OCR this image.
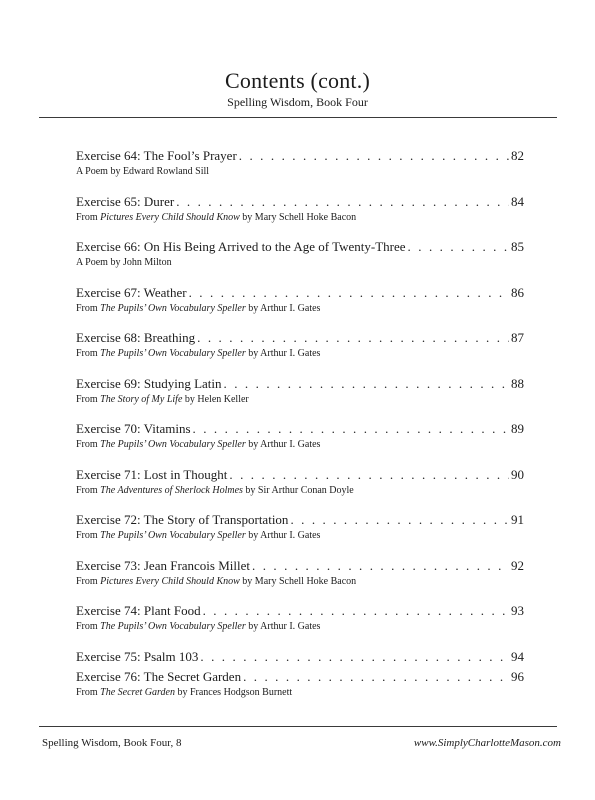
Contents (cont.)
Spelling Wisdom, Book Four
Exercise 64: The Fool’s Prayer . . .	82
A Poem by Edward Rowland Sill
Exercise 65: Durer . . .	84
From Pictures Every Child Should Know by Mary Schell Hoke Bacon
Exercise 66: On His Being Arrived to the Age of Twenty-Three . . .	85
A Poem by John Milton
Exercise 67: Weather . . .	86
From The Pupils’ Own Vocabulary Speller by Arthur I. Gates
Exercise 68: Breathing . . .	87
From The Pupils’ Own Vocabulary Speller by Arthur I. Gates
Exercise 69: Studying Latin . . .	88
From The Story of My Life by Helen Keller
Exercise 70: Vitamins . . .	89
From The Pupils’ Own Vocabulary Speller by Arthur I. Gates
Exercise 71: Lost in Thought . . .	90
From The Adventures of Sherlock Holmes by Sir Arthur Conan Doyle
Exercise 72: The Story of Transportation . . .	91
From The Pupils’ Own Vocabulary Speller by Arthur I. Gates
Exercise 73: Jean Francois Millet . . .	92
From Pictures Every Child Should Know by Mary Schell Hoke Bacon
Exercise 74: Plant Food . . .	93
From The Pupils’ Own Vocabulary Speller by Arthur I. Gates
Exercise 75: Psalm 103 . . .	94
Exercise 76: The Secret Garden . . .	96
From The Secret Garden by Frances Hodgson Burnett
Spelling Wisdom, Book Four, 8	www.SimplyCharlotteMason.com
